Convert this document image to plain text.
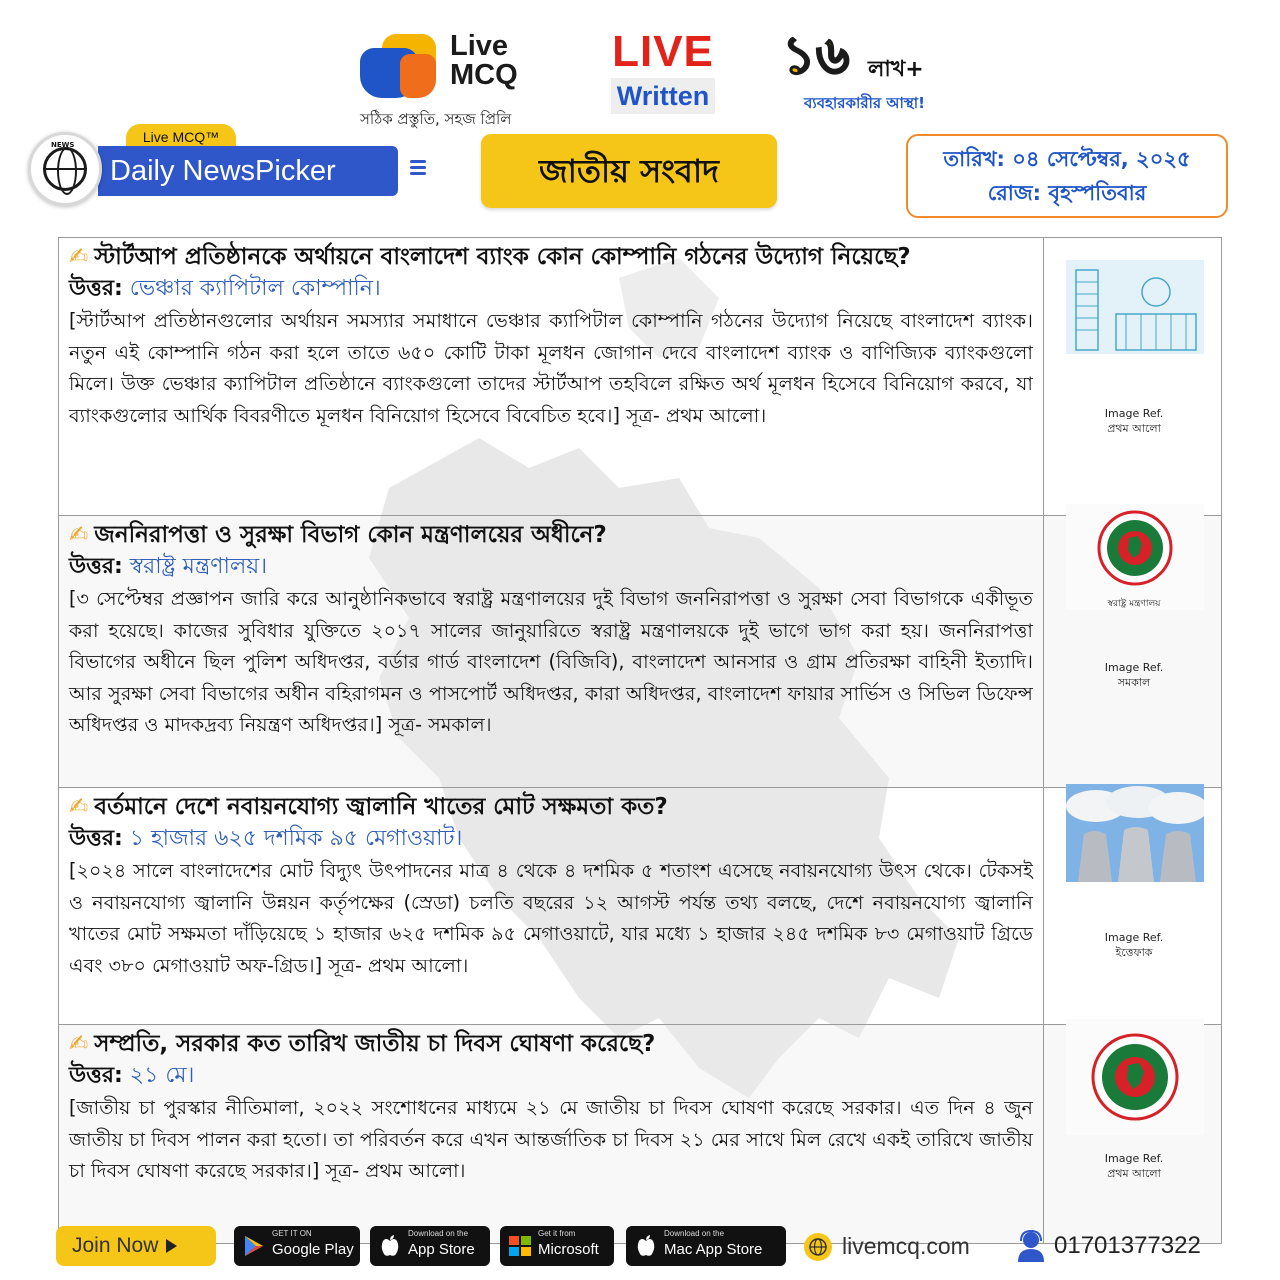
Live
MCQ
সঠিক প্রস্তুতি, সহজ প্রিলি
LIVE
Written
১৬ লাখ+
ব্যবহারকারীর আস্থা!
Live MCQ™
Daily NewsPicker
NEWS
জাতীয় সংবাদ	তারিখ: ০৪ সেপ্টেম্বর, ২০২৫
রোজ: বৃহস্পতিবার
✍ স্টার্টআপ প্রতিষ্ঠানকে অর্থায়নে বাংলাদেশ ব্যাংক কোন কোম্পানি গঠনের উদ্যোগ নিয়েছে?
উত্তর: ভেঞ্চার ক্যাপিটাল কোম্পানি।
[স্টার্টআপ প্রতিষ্ঠানগুলোর অর্থায়ন সমস্যার সমাধানে ভেঞ্চার ক্যাপিটাল কোম্পানি গঠনের উদ্যোগ নিয়েছে বাংলাদেশ ব্যাংক। নতুন এই কোম্পানি গঠন করা হলে তাতে ৬৫০ কোটি টাকা মূলধন জোগান দেবে বাংলাদেশ ব্যাংক ও বাণিজ্যিক ব্যাংকগুলো মিলে। উক্ত ভেঞ্চার ক্যাপিটাল প্রতিষ্ঠানে ব্যাংকগুলো তাদের স্টার্টআপ তহবিলে রক্ষিত অর্থ মূলধন হিসেবে বিনিয়োগ করবে, যা ব্যাংকগুলোর আর্থিক বিবরণীতে মূলধন বিনিয়োগ হিসেবে বিবেচিত হবে।] সূত্র- প্রথম আলো।	Image Ref.
প্রথম আলো
✍ জননিরাপত্তা ও সুরক্ষা বিভাগ কোন মন্ত্রণালয়ের অধীনে?
উত্তর: স্বরাষ্ট্র মন্ত্রণালয়।
[৩ সেপ্টেম্বর প্রজ্ঞাপন জারি করে আনুষ্ঠানিকভাবে স্বরাষ্ট্র মন্ত্রণালয়ের দুই বিভাগ জননিরাপত্তা ও সুরক্ষা সেবা বিভাগকে একীভূত করা হয়েছে। কাজের সুবিধার যুক্তিতে ২০১৭ সালের জানুয়ারিতে স্বরাষ্ট্র মন্ত্রণালয়কে দুই ভাগে ভাগ করা হয়। জননিরাপত্তা বিভাগের অধীনে ছিল পুলিশ অধিদপ্তর, বর্ডার গার্ড বাংলাদেশ (বিজিবি), বাংলাদেশ আনসার ও গ্রাম প্রতিরক্ষা বাহিনী ইত্যাদি। আর সুরক্ষা সেবা বিভাগের অধীন বহিরাগমন ও পাসপোর্ট অধিদপ্তর, কারা অধিদপ্তর, বাংলাদেশ ফায়ার সার্ভিস ও সিভিল ডিফেন্স অধিদপ্তর ও মাদকদ্রব্য নিয়ন্ত্রণ অধিদপ্তর।] সূত্র- সমকাল।
স্বরাষ্ট্র মন্ত্রণালয়
Image Ref.
সমকাল
✍ বর্তমানে দেশে নবায়নযোগ্য জ্বালানি খাতের মোট সক্ষমতা কত?
উত্তর: ১ হাজার ৬২৫ দশমিক ৯৫ মেগাওয়াট।
[২০২৪ সালে বাংলাদেশের মোট বিদ্যুৎ উৎপাদনের মাত্র ৪ থেকে ৪ দশমিক ৫ শতাংশ এসেছে নবায়নযোগ্য উৎস থেকে। টেকসই ও নবায়নযোগ্য জ্বালানি উন্নয়ন কর্তৃপক্ষের (স্রেডা) চলতি বছরের ১২ আগস্ট পর্যন্ত তথ্য বলছে, দেশে নবায়নযোগ্য জ্বালানি খাতের মোট সক্ষমতা দাঁড়িয়েছে ১ হাজার ৬২৫ দশমিক ৯৫ মেগাওয়াটে, যার মধ্যে ১ হাজার ২৪৫ দশমিক ৮৩ মেগাওয়াট গ্রিডে এবং ৩৮০ মেগাওয়াট অফ-গ্রিড।] সূত্র- প্রথম আলো।
Image Ref.
ইত্তেফাক
✍ সম্প্রতি, সরকার কত তারিখ জাতীয় চা দিবস ঘোষণা করেছে?
উত্তর: ২১ মে।
[জাতীয় চা পুরস্কার নীতিমালা, ২০২২ সংশোধনের মাধ্যমে ২১ মে জাতীয় চা দিবস ঘোষণা করেছে সরকার। এত দিন ৪ জুন জাতীয় চা দিবস পালন করা হতো। তা পরিবর্তন করে এখন আন্তর্জাতিক চা দিবস ২১ মের সাথে মিল রেখে একই তারিখে জাতীয় চা দিবস ঘোষণা করেছে সরকার।] সূত্র- প্রথম আলো।
Image Ref.
প্রথম আলো
Join Now
GET IT ON
Google Play
Download on the
App Store
Get it from
Microsoft
Download on the
Mac App Store	livemcq.com	01701377322
